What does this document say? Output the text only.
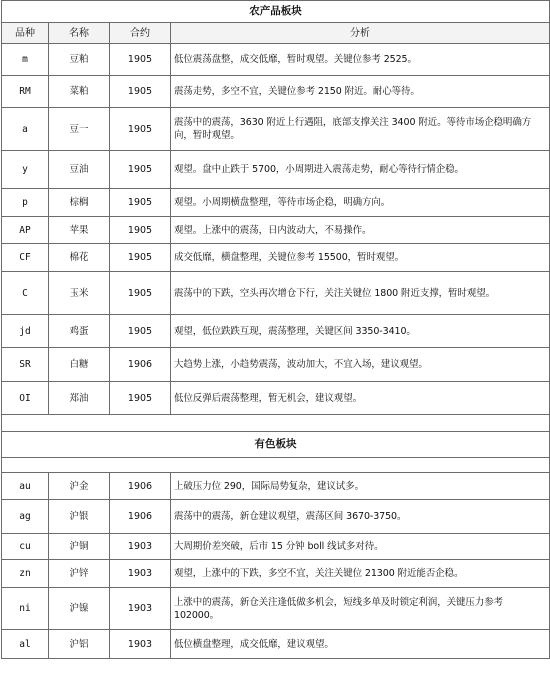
农产品板块			
品种	名称	合约	分析
m	豆粕	1905	低位震荡盘整，成交低靡，暂时观望。关键位参考 2525。
RM	菜粕	1905	震荡走势，多空不宜，关键位参考 2150 附近。耐心等待。
a	豆一	1905	震荡中的震荡，3630 附近上行遇阻，底部支撑关注 3400 附近。等待市场企稳明确方向，暂时观望。
y	豆油	1905	观望。盘中止跌于 5700，小周期进入震荡走势，耐心等待行情企稳。
p	棕榈	1905	观望。小周期横盘整理，等待市场企稳，明确方向。
AP	苹果	1905	观望。上涨中的震荡，日内波动大，不易操作。
CF	棉花	1905	成交低靡，横盘整理，关键位参考 15500，暂时观望。
C	玉米	1905	震荡中的下跌，空头再次增仓下行，关注关键位 1800 附近支撑，暂时观望。
jd	鸡蛋	1905	观望，低位跌跌互现，震荡整理，关键区间 3350-3410。
SR	白糖	1906	大趋势上涨，小趋势震荡，波动加大，不宜入场，建议观望。
OI	郑油	1905	低位反弹后震荡整理，暂无机会，建议观望。

有色板块			

au	沪金	1906	上破压力位 290，国际局势复杂，建议试多。
ag	沪银	1906	震荡中的震荡，新仓建议观望，震荡区间 3670-3750。
cu	沪铜	1903	大周期价差突破，后市 15 分钟 boll 线试多对待。
zn	沪锌	1903	观望，上涨中的下跌，多空不宜，关注关键位 21300 附近能否企稳。
ni	沪镍	1903	上涨中的震荡，新仓关注逢低做多机会，短线多单及时锁定利润，关键压力参考 102000。
al	沪铝	1903	低位横盘整理，成交低靡，建议观望。
